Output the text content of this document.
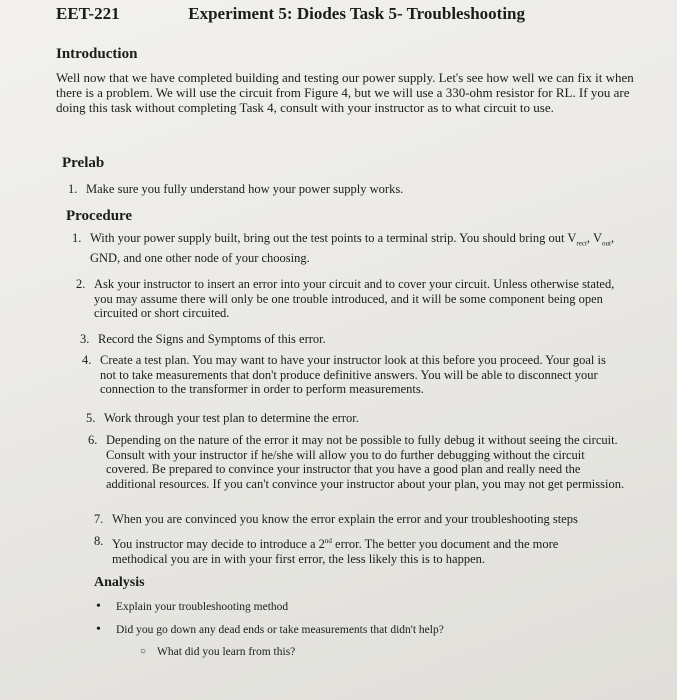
EET-221	Experiment 5: Diodes Task 5- Troubleshooting
Introduction
Well now that we have completed building and testing our power supply. Let's see how well we can fix it when there is a problem. We will use the circuit from Figure 4, but we will use a 330-ohm resistor for RL. If you are doing this task without completing Task 4, consult with your instructor as to what circuit to use.
Prelab
1. Make sure you fully understand how your power supply works.
Procedure
1. With your power supply built, bring out the test points to a terminal strip. You should bring out $V_{rect}$, $V_{out}$, GND, and one other node of your choosing.
2. Ask your instructor to insert an error into your circuit and to cover your circuit. Unless otherwise stated, you may assume there will only be one trouble introduced, and it will be some component being open circuited or short circuited.
3. Record the Signs and Symptoms of this error.
4. Create a test plan. You may want to have your instructor look at this before you proceed. Your goal is not to take measurements that don't produce definitive answers. You will be able to disconnect your connection to the transformer in order to perform measurements.
5. Work through your test plan to determine the error.
6. Depending on the nature of the error it may not be possible to fully debug it without seeing the circuit. Consult with your instructor if he/she will allow you to do further debugging without the circuit covered. Be prepared to convince your instructor that you have a good plan and really need the additional resources. If you can't convince your instructor about your plan, you may not get permission.
7. When you are convinced you know the error explain the error and your troubleshooting steps
8. You instructor may decide to introduce a 2nd error. The better you document and the more methodical you are in with your first error, the less likely this is to happen.
Analysis
• Explain your troubleshooting method
• Did you go down any dead ends or take measurements that didn't help?
○ What did you learn from this?
